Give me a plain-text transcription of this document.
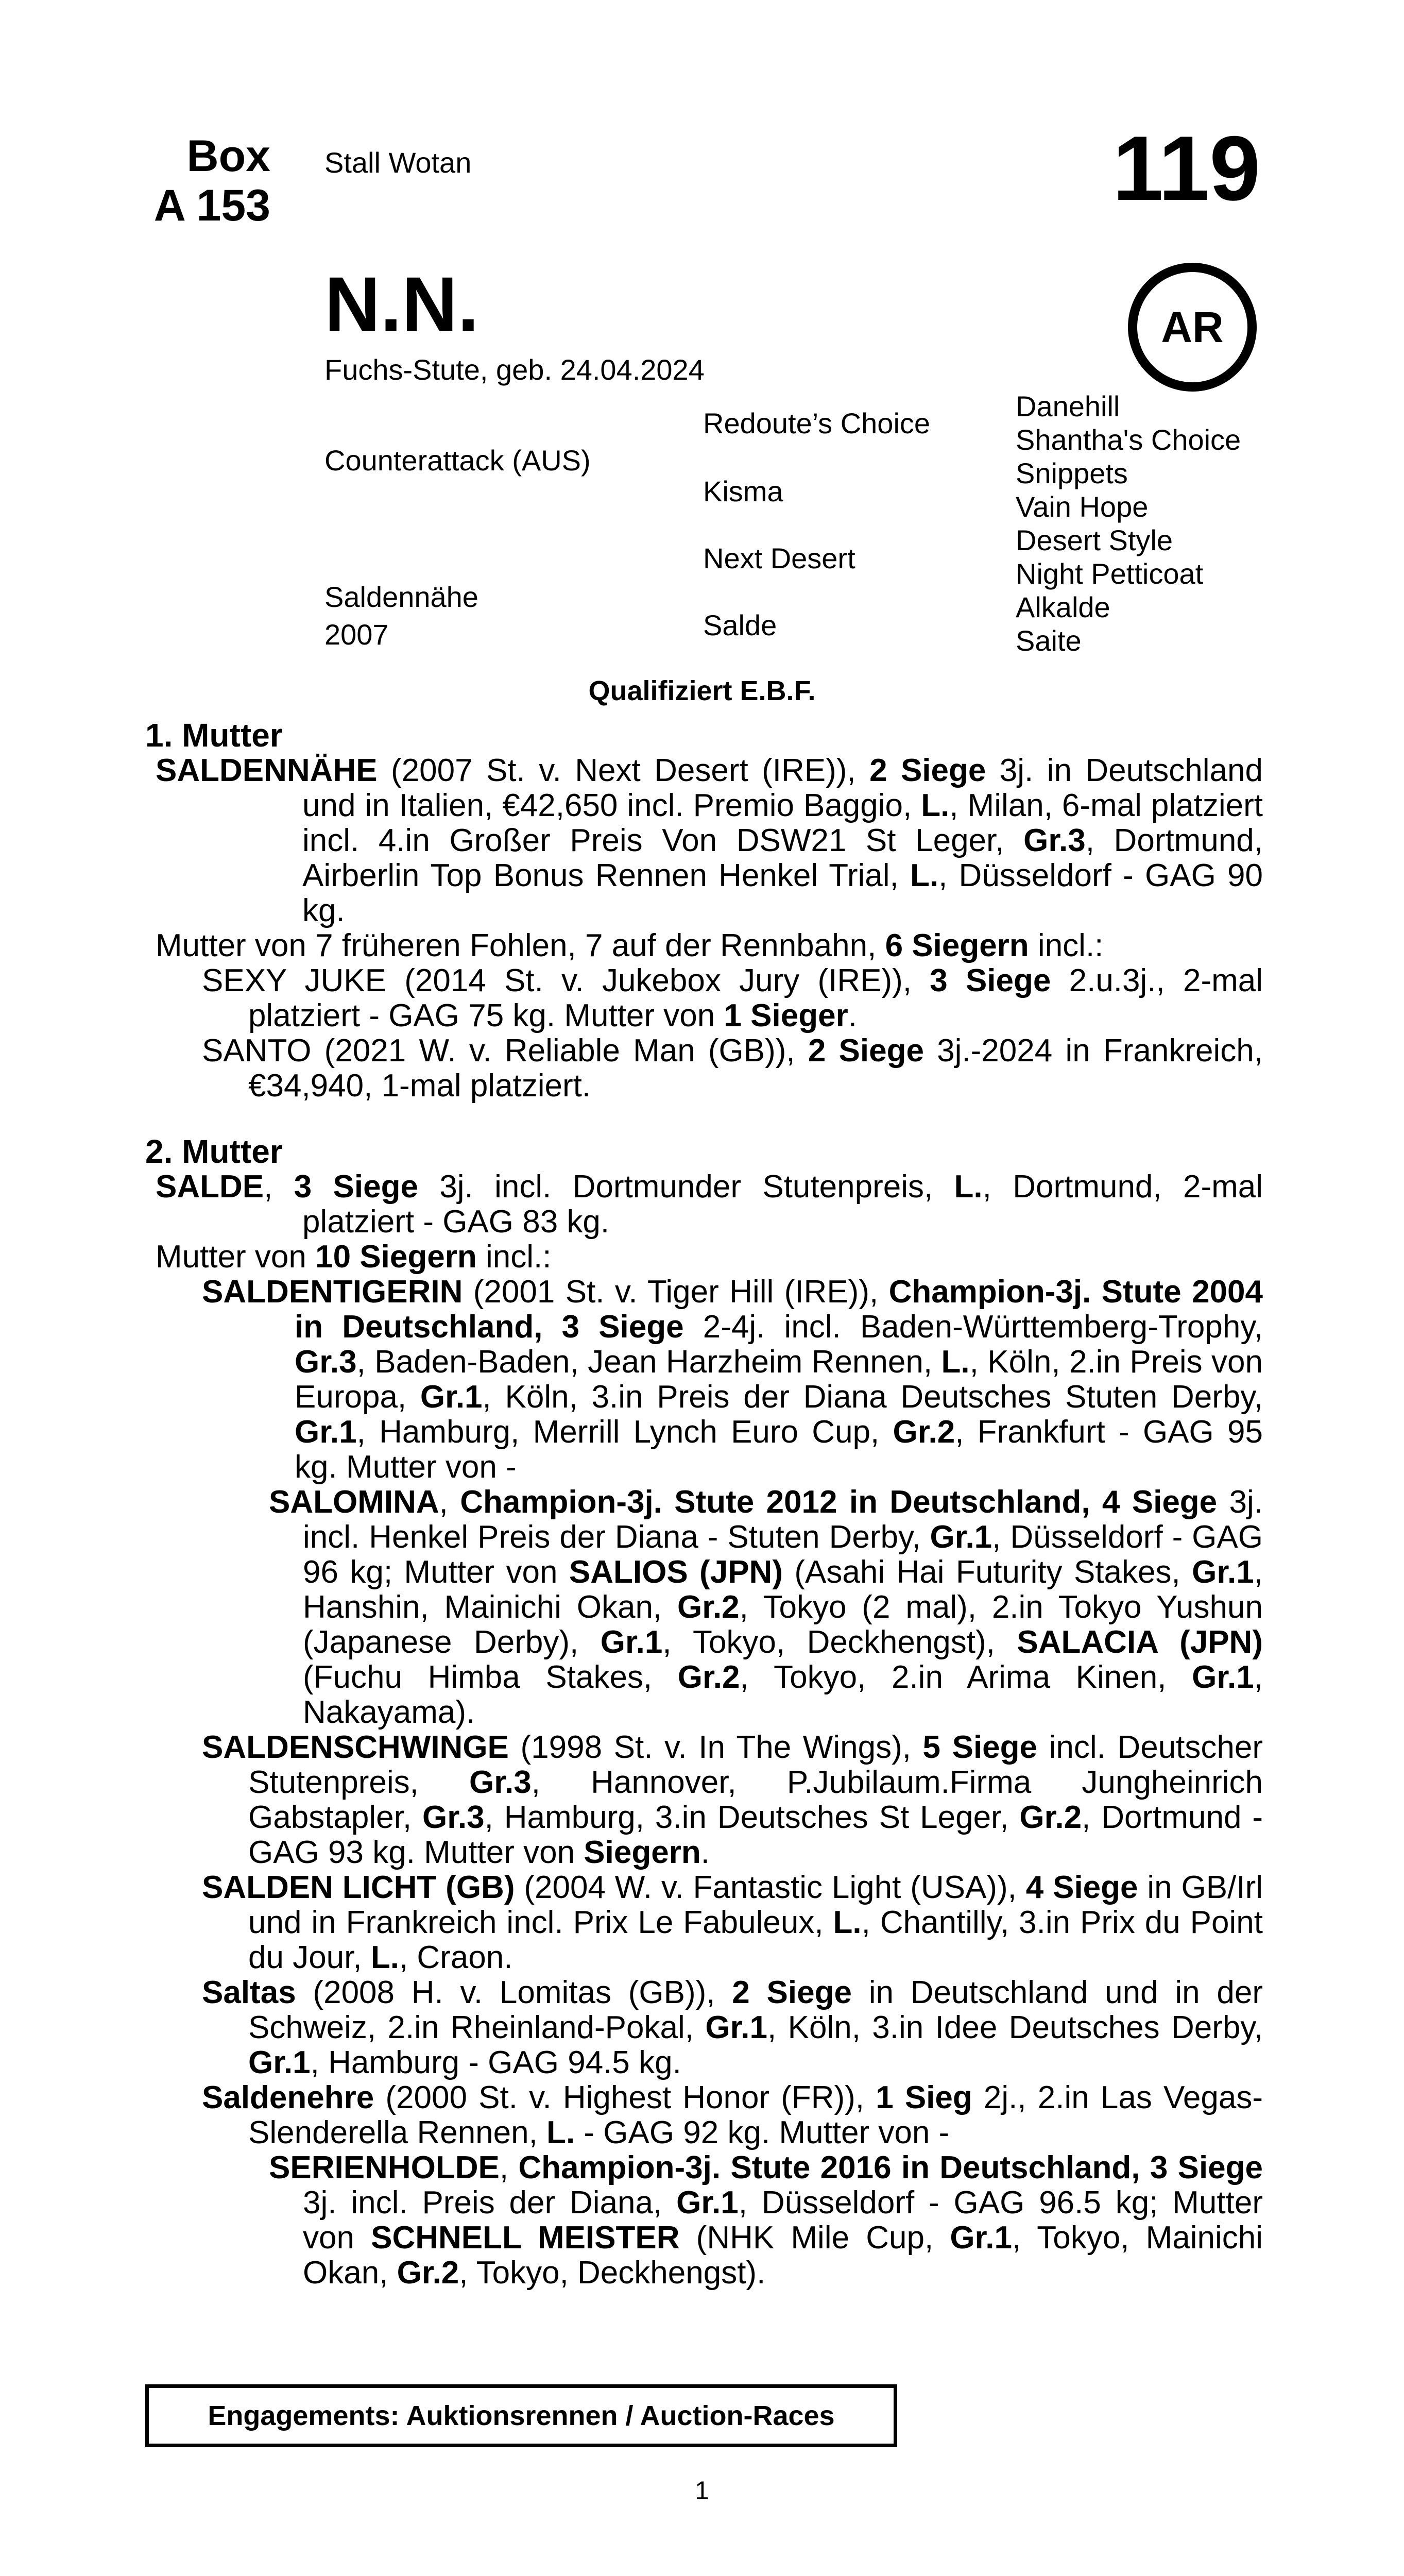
Box
A 153
Stall Wotan	119
AR
N.N.
Fuchs-Stute, geb. 24.04.2024
Counterattack (AUS)
Saldennähe
2007
Redoute’s Choice
Kisma
Next Desert
Salde
Danehill
Shantha's Choice
Snippets
Vain Hope
Desert Style
Night Petticoat
Alkalde
Saite
Qualifiziert E.B.F.
1. Mutter
SALDENNÄHE (2007 St. v. Next Desert (IRE)), 2 Siege 3j. in Deutschland und in Italien, €42,650 incl. Premio Baggio, L., Milan, 6-mal platziert incl. 4.in Großer Preis Von DSW21 St Leger, Gr.3, Dortmund, Airberlin Top Bonus Rennen Henkel Trial, L., Düsseldorf - GAG 90 kg.
Mutter von 7 früheren Fohlen, 7 auf der Rennbahn, 6 Siegern incl.:
SEXY JUKE (2014 St. v. Jukebox Jury (IRE)), 3 Siege 2.u.3j., 2-mal platziert - GAG 75 kg. Mutter von 1 Sieger.
SANTO (2021 W. v. Reliable Man (GB)), 2 Siege 3j.-2024 in Frankreich, €34,940, 1-mal platziert.
2. Mutter
SALDE, 3 Siege 3j. incl. Dortmunder Stutenpreis, L., Dortmund, 2-mal platziert - GAG 83 kg.
Mutter von 10 Siegern incl.:
SALDENTIGERIN (2001 St. v. Tiger Hill (IRE)), Champion-3j. Stute 2004 in Deutschland, 3 Siege 2-4j. incl. Baden-Württemberg-Trophy, Gr.3, Baden-Baden, Jean Harzheim Rennen, L., Köln, 2.in Preis von Europa, Gr.1, Köln, 3.in Preis der Diana Deutsches Stuten Derby, Gr.1, Hamburg, Merrill Lynch Euro Cup, Gr.2, Frankfurt - GAG 95 kg. Mutter von -
SALOMINA, Champion-3j. Stute 2012 in Deutschland, 4 Siege 3j. incl. Henkel Preis der Diana - Stuten Derby, Gr.1, Düsseldorf - GAG 96 kg; Mutter von SALIOS (JPN) (Asahi Hai Futurity Stakes, Gr.1, Hanshin, Mainichi Okan, Gr.2, Tokyo (2 mal), 2.in Tokyo Yushun (Japanese Derby), Gr.1, Tokyo, Deckhengst), SALACIA (JPN) (Fuchu Himba Stakes, Gr.2, Tokyo, 2.in Arima Kinen, Gr.1, Nakayama).
SALDENSCHWINGE (1998 St. v. In The Wings), 5 Siege incl. Deutscher Stutenpreis, Gr.3, Hannover, P.Jubilaum.Firma Jungheinrich Gabstapler, Gr.3, Hamburg, 3.in Deutsches St Leger, Gr.2, Dortmund - GAG 93 kg. Mutter von Siegern.
SALDEN LICHT (GB) (2004 W. v. Fantastic Light (USA)), 4 Siege in GB/Irl und in Frankreich incl. Prix Le Fabuleux, L., Chantilly, 3.in Prix du Point du Jour, L., Craon.
Saltas (2008 H. v. Lomitas (GB)), 2 Siege in Deutschland und in der Schweiz, 2.in Rheinland-Pokal, Gr.1, Köln, 3.in Idee Deutsches Derby, Gr.1, Hamburg - GAG 94.5 kg.
Saldenehre (2000 St. v. Highest Honor (FR)), 1 Sieg 2j., 2.in Las Vegas-Slenderella Rennen, L. - GAG 92 kg. Mutter von -
SERIENHOLDE, Champion-3j. Stute 2016 in Deutschland, 3 Siege 3j. incl. Preis der Diana, Gr.1, Düsseldorf - GAG 96.5 kg; Mutter von SCHNELL MEISTER (NHK Mile Cup, Gr.1, Tokyo, Mainichi Okan, Gr.2, Tokyo, Deckhengst).
Engagements: Auktionsrennen / Auction-Races
1
